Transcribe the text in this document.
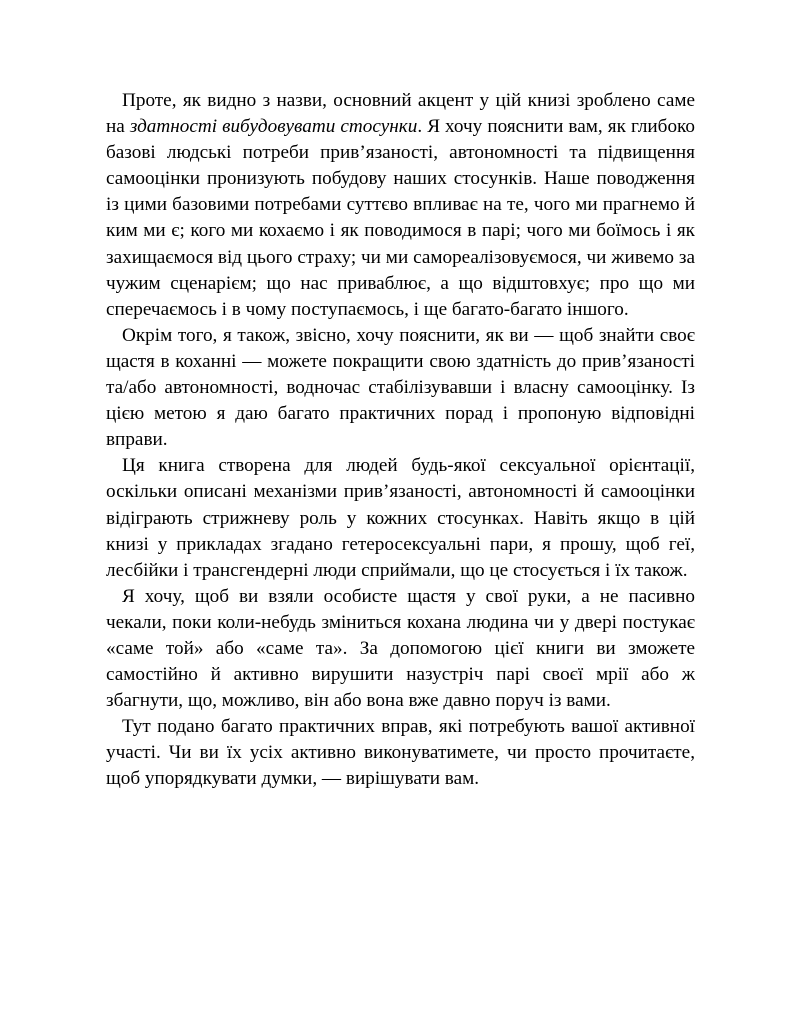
Проте, як видно з назви, основний акцент у цій книзі зроблено саме на здатності вибудовувати стосунки. Я хочу пояснити вам, як глибоко базові людські потреби прив’язаності, автономності та підвищення самооцінки пронизують побудову наших стосунків. Наше поводження із цими базовими потребами суттєво впливає на те, чого ми прагнемо й ким ми є; кого ми кохаємо і як поводимося в парі; чого ми боїмось і як захищаємося від цього страху; чи ми самореалізовуємося, чи живемо за чужим сценарієм; що нас приваблює, а що відштовхує; про що ми сперечаємось і в чому поступаємось, і ще багато-багато іншого.

Окрім того, я також, звісно, хочу пояснити, як ви — щоб знайти своє щастя в коханні — можете покращити свою здатність до прив’язаності та/або автономності, водночас стабілізувавши і власну самооцінку. Із цією метою я даю багато практичних порад і пропоную відповідні вправи.

Ця книга створена для людей будь-якої сексуальної орієнтації, оскільки описані механізми прив’язаності, автономності й самооцінки відіграють стрижневу роль у кожних стосунках. Навіть якщо в цій книзі у прикладах згадано гетеросексуальні пари, я прошу, щоб геї, лесбійки і трансгендерні люди сприймали, що це стосується і їх також.

Я хочу, щоб ви взяли особисте щастя у свої руки, а не пасивно чекали, поки коли-небудь зміниться кохана людина чи у дверi постукає «саме той» або «саме та». За допомогою цієї книги ви зможете самостійно й активно вирушити назустріч парі своєї мрії або ж збагнути, що, можливо, він або вона вже давно поруч із вами.

Тут подано багато практичних вправ, які потребують вашої активної участі. Чи ви їх усіх активно виконуватимете, чи просто прочитаєте, щоб упорядкувати думки, — вирішувати вам.
